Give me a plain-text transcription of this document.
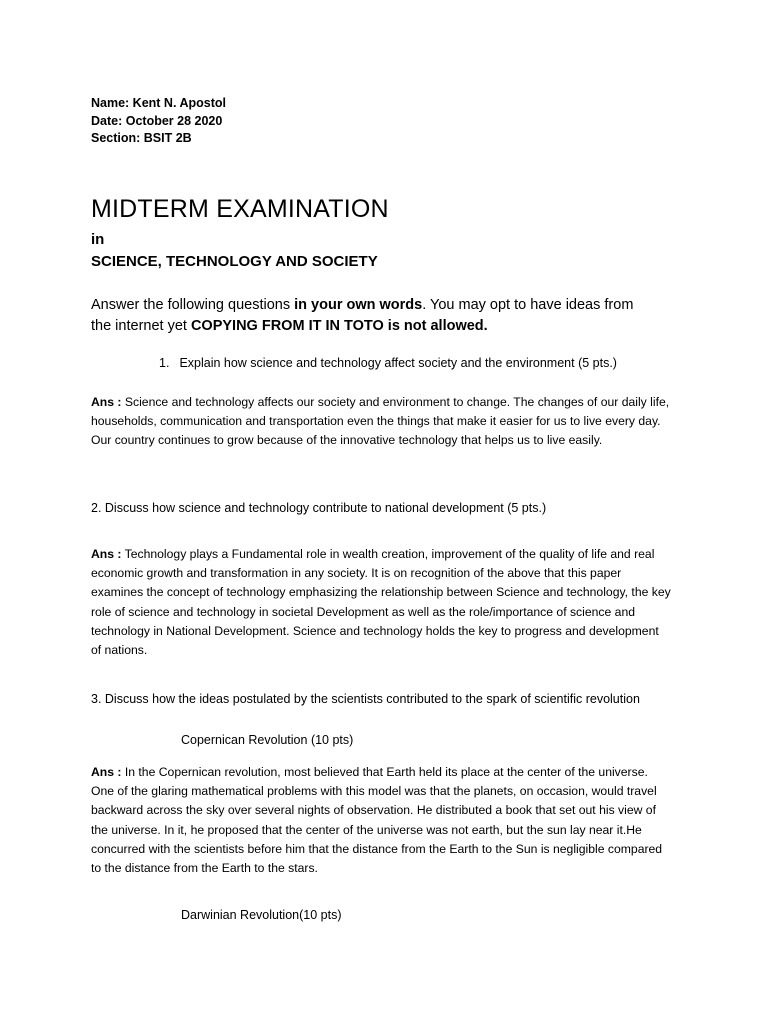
Name: Kent N. Apostol
Date: October 28 2020
Section: BSIT 2B
MIDTERM EXAMINATION
in
SCIENCE, TECHNOLOGY AND SOCIETY
Answer the following questions in your own words. You may opt to have ideas from
the internet yet COPYING FROM IT IN TOTO is not allowed.
1. Explain how science and technology affect society and the environment (5 pts.)
Ans : Science and technology affects our society and environment to change. The changes of our daily life, households, communication and transportation even the things that make it easier for us to live every day. Our country continues to grow because of the innovative technology that helps us to live easily.
2. Discuss how science and technology contribute to national development (5 pts.)
Ans : Technology plays a Fundamental role in wealth creation, improvement of the quality of life and real economic growth and transformation in any society. It is on recognition of the above that this paper examines the concept of technology emphasizing the relationship between Science and technology, the key role of science and technology in societal Development as well as the role/importance of science and technology in National Development. Science and technology holds the key to progress and development of nations.
3. Discuss how the ideas postulated by the scientists contributed to the spark of scientific revolution
Copernican Revolution (10 pts)
Ans : In the Copernican revolution, most believed that Earth held its place at the center of the universe. One of the glaring mathematical problems with this model was that the planets, on occasion, would travel backward across the sky over several nights of observation. He distributed a book that set out his view of the universe. In it, he proposed that the center of the universe was not earth, but the sun lay near it.He concurred with the scientists before him that the distance from the Earth to the Sun is negligible compared to the distance from the Earth to the stars.
Darwinian Revolution(10 pts)
